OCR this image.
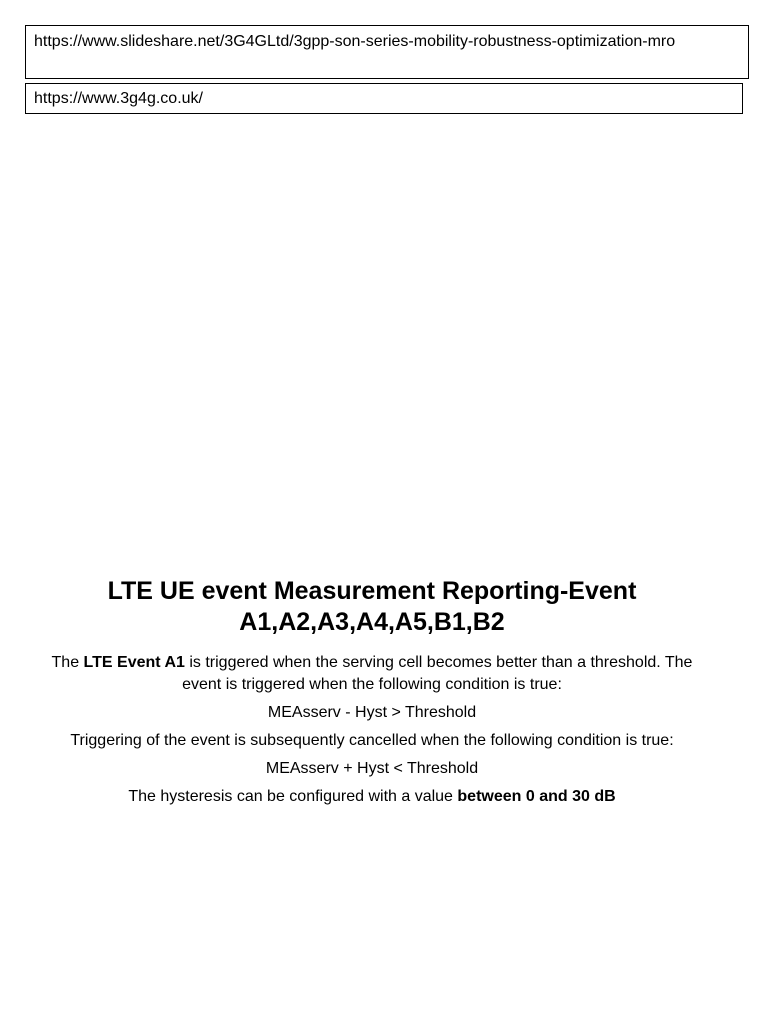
https://www.slideshare.net/3G4GLtd/3gpp-son-series-mobility-robustness-optimization-mro
https://www.3g4g.co.uk/
LTE UE event Measurement Reporting-Event
A1,A2,A3,A4,A5,B1,B2

The LTE Event A1 is triggered when the serving cell becomes better than a threshold. The event is triggered when the following condition is true:

MEAsserv - Hyst > Threshold

Triggering of the event is subsequently cancelled when the following condition is true:

MEAsserv + Hyst < Threshold

The hysteresis can be configured with a value between 0 and 30 dB
